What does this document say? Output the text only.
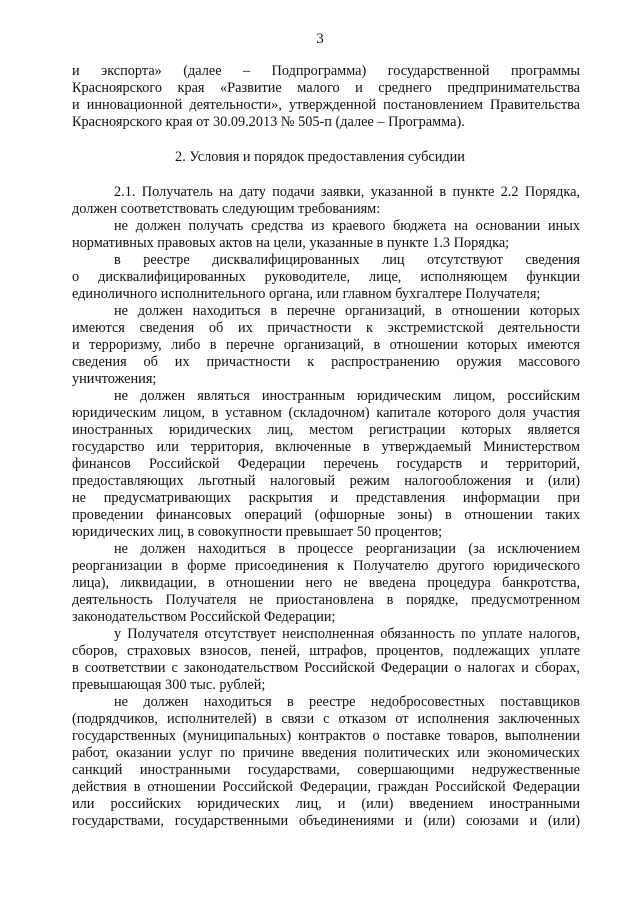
3
и экспорта» (далее – Подпрограмма) государственной программы
Красноярского края «Развитие малого и среднего предпринимательства
и инновационной деятельности», утвержденной постановлением Правительства
Красноярского края от 30.09.2013 № 505-п (далее – Программа).
2. Условия и порядок предоставления субсидии
2.1. Получатель на дату подачи заявки, указанной в пункте 2.2 Порядка,
должен соответствовать следующим требованиям:
не должен получать средства из краевого бюджета на основании иных
нормативных правовых актов на цели, указанные в пункте 1.3 Порядка;
в реестре дисквалифицированных лиц отсутствуют сведения
о дисквалифицированных руководителе, лице, исполняющем функции
единоличного исполнительного органа, или главном бухгалтере Получателя;
не должен находиться в перечне организаций, в отношении которых
имеются сведения об их причастности к экстремистской деятельности
и терроризму, либо в перечне организаций, в отношении которых имеются
сведения об их причастности к распространению оружия массового
уничтожения;
не должен являться иностранным юридическим лицом, российским
юридическим лицом, в уставном (складочном) капитале которого доля участия
иностранных юридических лиц, местом регистрации которых является
государство или территория, включенные в утверждаемый Министерством
финансов Российской Федерации перечень государств и территорий,
предоставляющих льготный налоговый режим налогообложения и (или)
не предусматривающих раскрытия и представления информации при
проведении финансовых операций (офшорные зоны) в отношении таких
юридических лиц, в совокупности превышает 50 процентов;
не должен находиться в процессе реорганизации (за исключением
реорганизации в форме присоединения к Получателю другого юридического
лица), ликвидации, в отношении него не введена процедура банкротства,
деятельность Получателя не приостановлена в порядке, предусмотренном
законодательством Российской Федерации;
у Получателя отсутствует неисполненная обязанность по уплате налогов,
сборов, страховых взносов, пеней, штрафов, процентов, подлежащих уплате
в соответствии с законодательством Российской Федерации о налогах и сборах,
превышающая 300 тыс. рублей;
не должен находиться в реестре недобросовестных поставщиков
(подрядчиков, исполнителей) в связи с отказом от исполнения заключенных
государственных (муниципальных) контрактов о поставке товаров, выполнении
работ, оказании услуг по причине введения политических или экономических
санкций иностранными государствами, совершающими недружественные
действия в отношении Российской Федерации, граждан Российской Федерации
или российских юридических лиц, и (или) введением иностранными
государствами, государственными объединениями и (или) союзами и (или)
